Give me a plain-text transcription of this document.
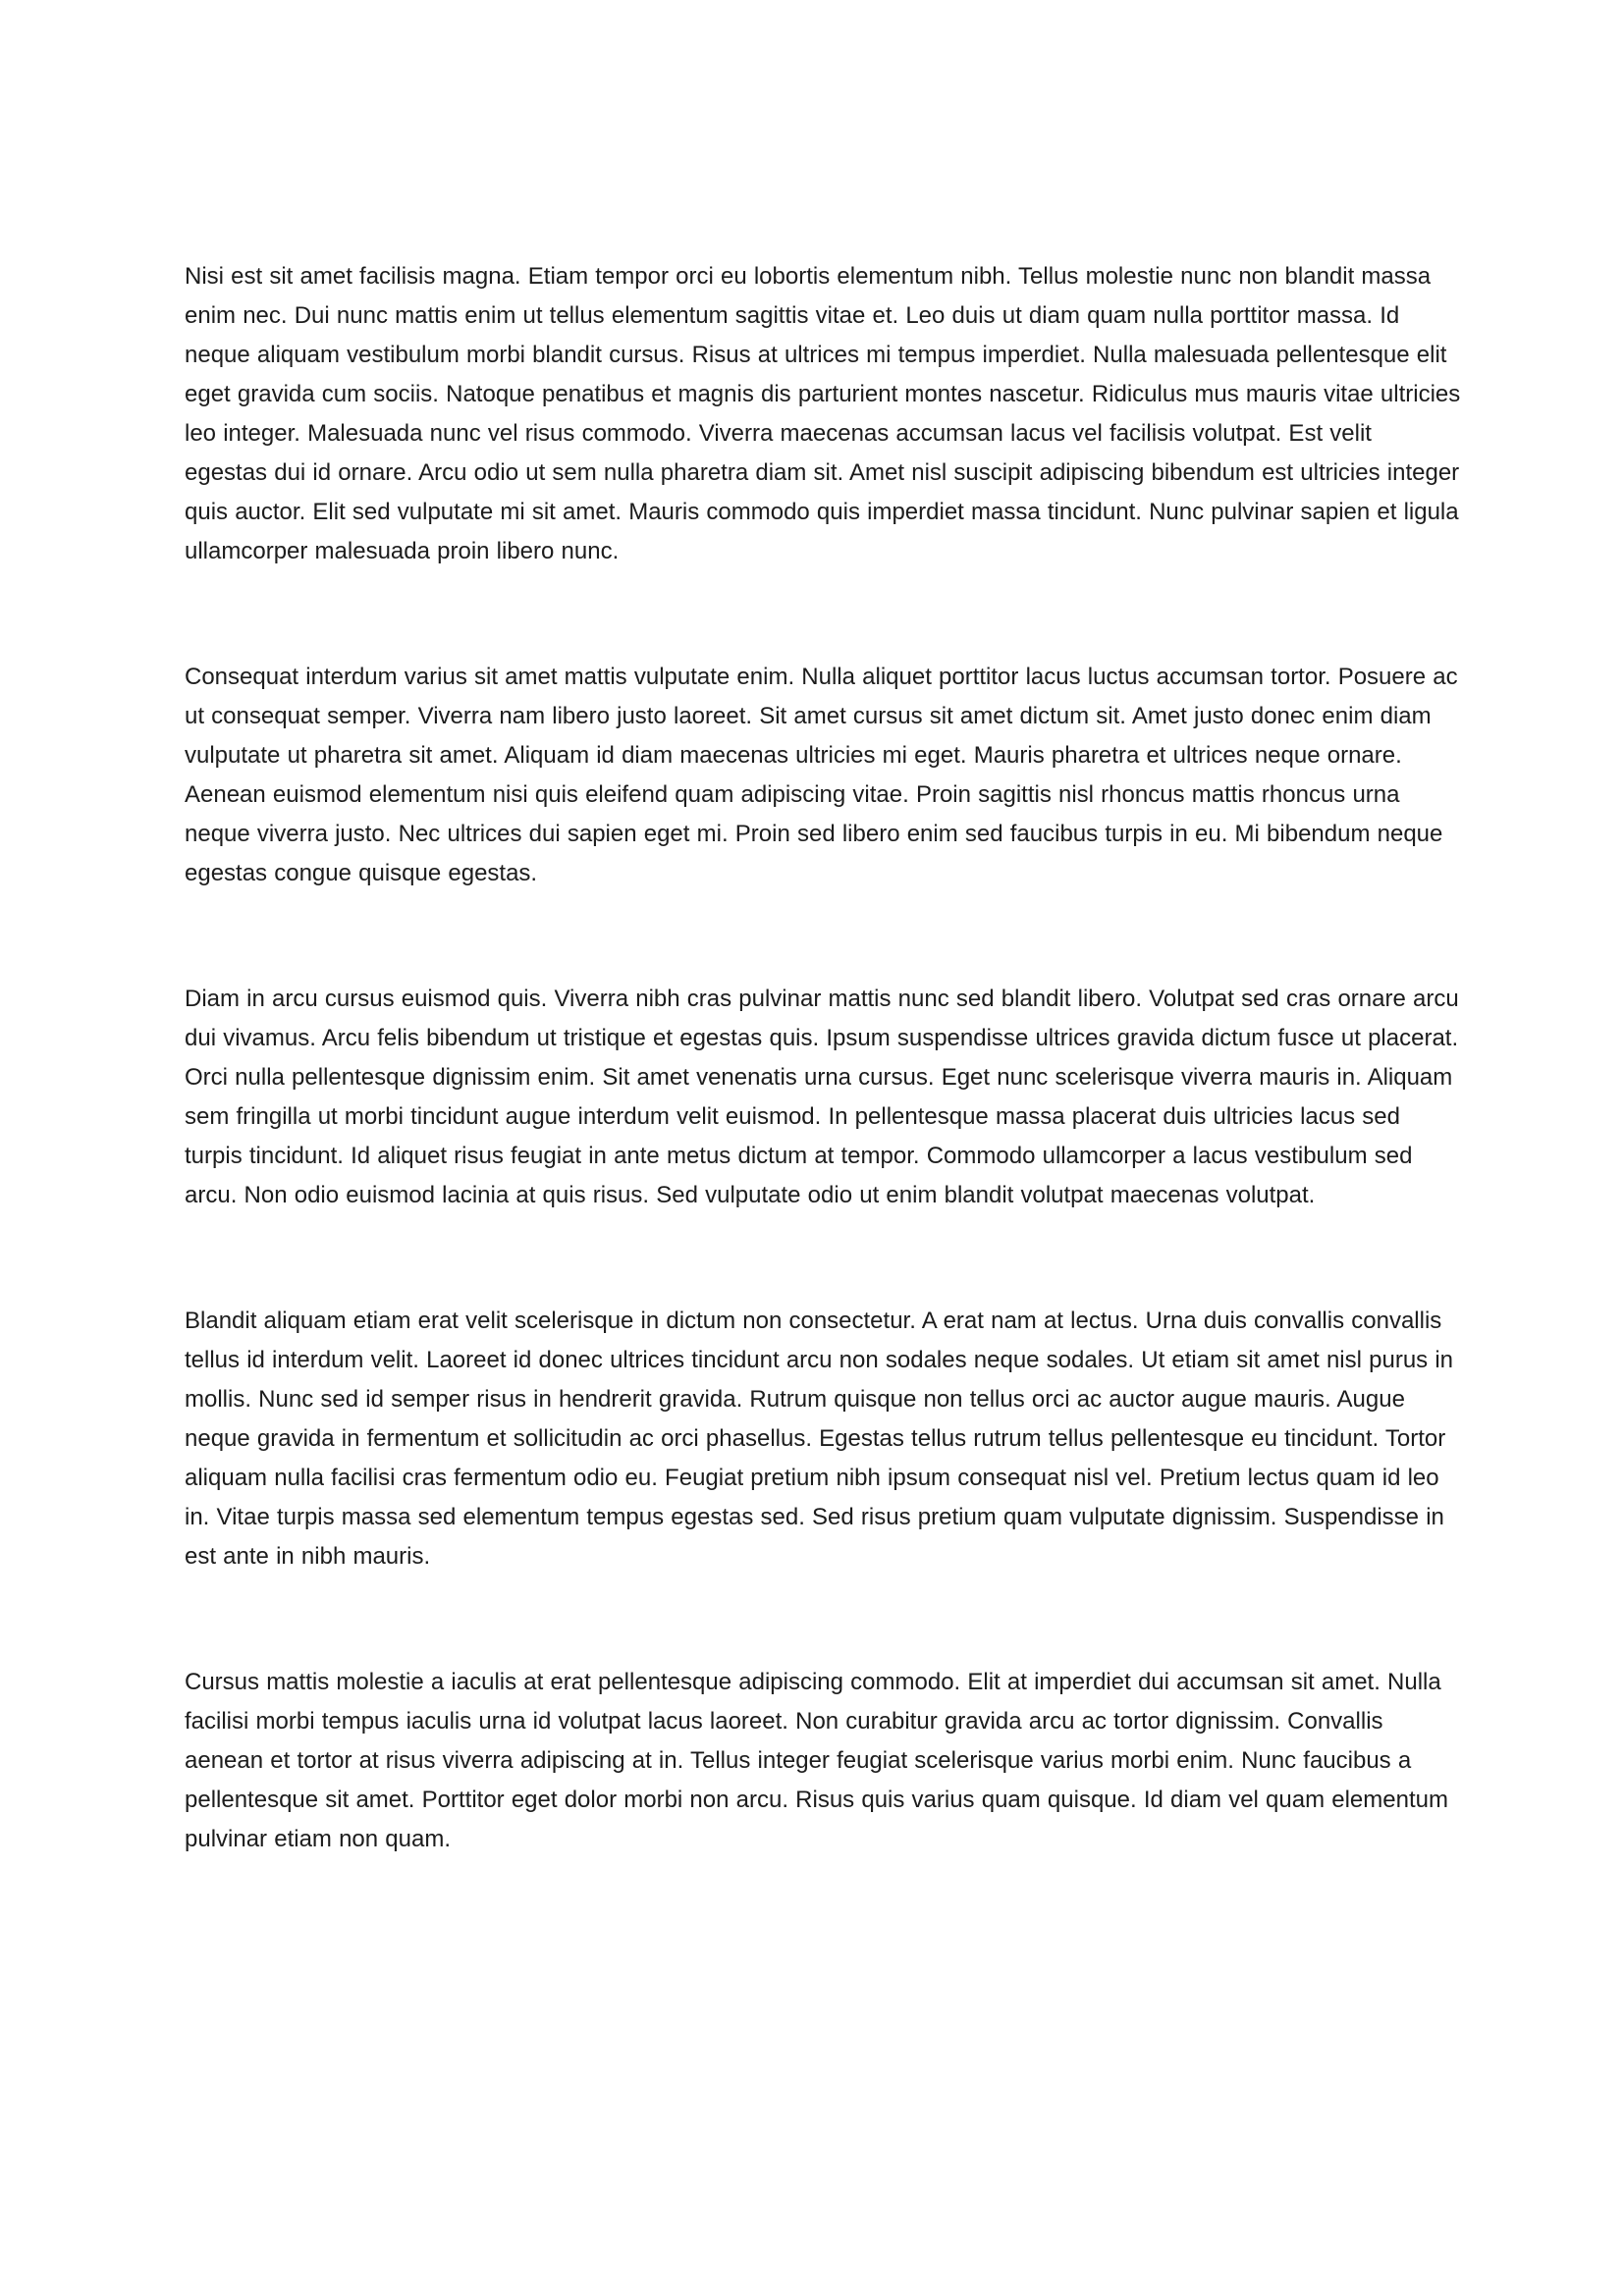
Nisi est sit amet facilisis magna. Etiam tempor orci eu lobortis elementum nibh. Tellus molestie nunc non blandit massa enim nec. Dui nunc mattis enim ut tellus elementum sagittis vitae et. Leo duis ut diam quam nulla porttitor massa. Id neque aliquam vestibulum morbi blandit cursus. Risus at ultrices mi tempus imperdiet. Nulla malesuada pellentesque elit eget gravida cum sociis. Natoque penatibus et magnis dis parturient montes nascetur. Ridiculus mus mauris vitae ultricies leo integer. Malesuada nunc vel risus commodo. Viverra maecenas accumsan lacus vel facilisis volutpat. Est velit egestas dui id ornare. Arcu odio ut sem nulla pharetra diam sit. Amet nisl suscipit adipiscing bibendum est ultricies integer quis auctor. Elit sed vulputate mi sit amet. Mauris commodo quis imperdiet massa tincidunt. Nunc pulvinar sapien et ligula ullamcorper malesuada proin libero nunc.

Consequat interdum varius sit amet mattis vulputate enim. Nulla aliquet porttitor lacus luctus accumsan tortor. Posuere ac ut consequat semper. Viverra nam libero justo laoreet. Sit amet cursus sit amet dictum sit. Amet justo donec enim diam vulputate ut pharetra sit amet. Aliquam id diam maecenas ultricies mi eget. Mauris pharetra et ultrices neque ornare. Aenean euismod elementum nisi quis eleifend quam adipiscing vitae. Proin sagittis nisl rhoncus mattis rhoncus urna neque viverra justo. Nec ultrices dui sapien eget mi. Proin sed libero enim sed faucibus turpis in eu. Mi bibendum neque egestas congue quisque egestas.

Diam in arcu cursus euismod quis. Viverra nibh cras pulvinar mattis nunc sed blandit libero. Volutpat sed cras ornare arcu dui vivamus. Arcu felis bibendum ut tristique et egestas quis. Ipsum suspendisse ultrices gravida dictum fusce ut placerat. Orci nulla pellentesque dignissim enim. Sit amet venenatis urna cursus. Eget nunc scelerisque viverra mauris in. Aliquam sem fringilla ut morbi tincidunt augue interdum velit euismod. In pellentesque massa placerat duis ultricies lacus sed turpis tincidunt. Id aliquet risus feugiat in ante metus dictum at tempor. Commodo ullamcorper a lacus vestibulum sed arcu. Non odio euismod lacinia at quis risus. Sed vulputate odio ut enim blandit volutpat maecenas volutpat.

Blandit aliquam etiam erat velit scelerisque in dictum non consectetur. A erat nam at lectus. Urna duis convallis convallis tellus id interdum velit. Laoreet id donec ultrices tincidunt arcu non sodales neque sodales. Ut etiam sit amet nisl purus in mollis. Nunc sed id semper risus in hendrerit gravida. Rutrum quisque non tellus orci ac auctor augue mauris. Augue neque gravida in fermentum et sollicitudin ac orci phasellus. Egestas tellus rutrum tellus pellentesque eu tincidunt. Tortor aliquam nulla facilisi cras fermentum odio eu. Feugiat pretium nibh ipsum consequat nisl vel. Pretium lectus quam id leo in. Vitae turpis massa sed elementum tempus egestas sed. Sed risus pretium quam vulputate dignissim. Suspendisse in est ante in nibh mauris.

Cursus mattis molestie a iaculis at erat pellentesque adipiscing commodo. Elit at imperdiet dui accumsan sit amet. Nulla facilisi morbi tempus iaculis urna id volutpat lacus laoreet. Non curabitur gravida arcu ac tortor dignissim. Convallis aenean et tortor at risus viverra adipiscing at in. Tellus integer feugiat scelerisque varius morbi enim. Nunc faucibus a pellentesque sit amet. Porttitor eget dolor morbi non arcu. Risus quis varius quam quisque. Id diam vel quam elementum pulvinar etiam non quam.
